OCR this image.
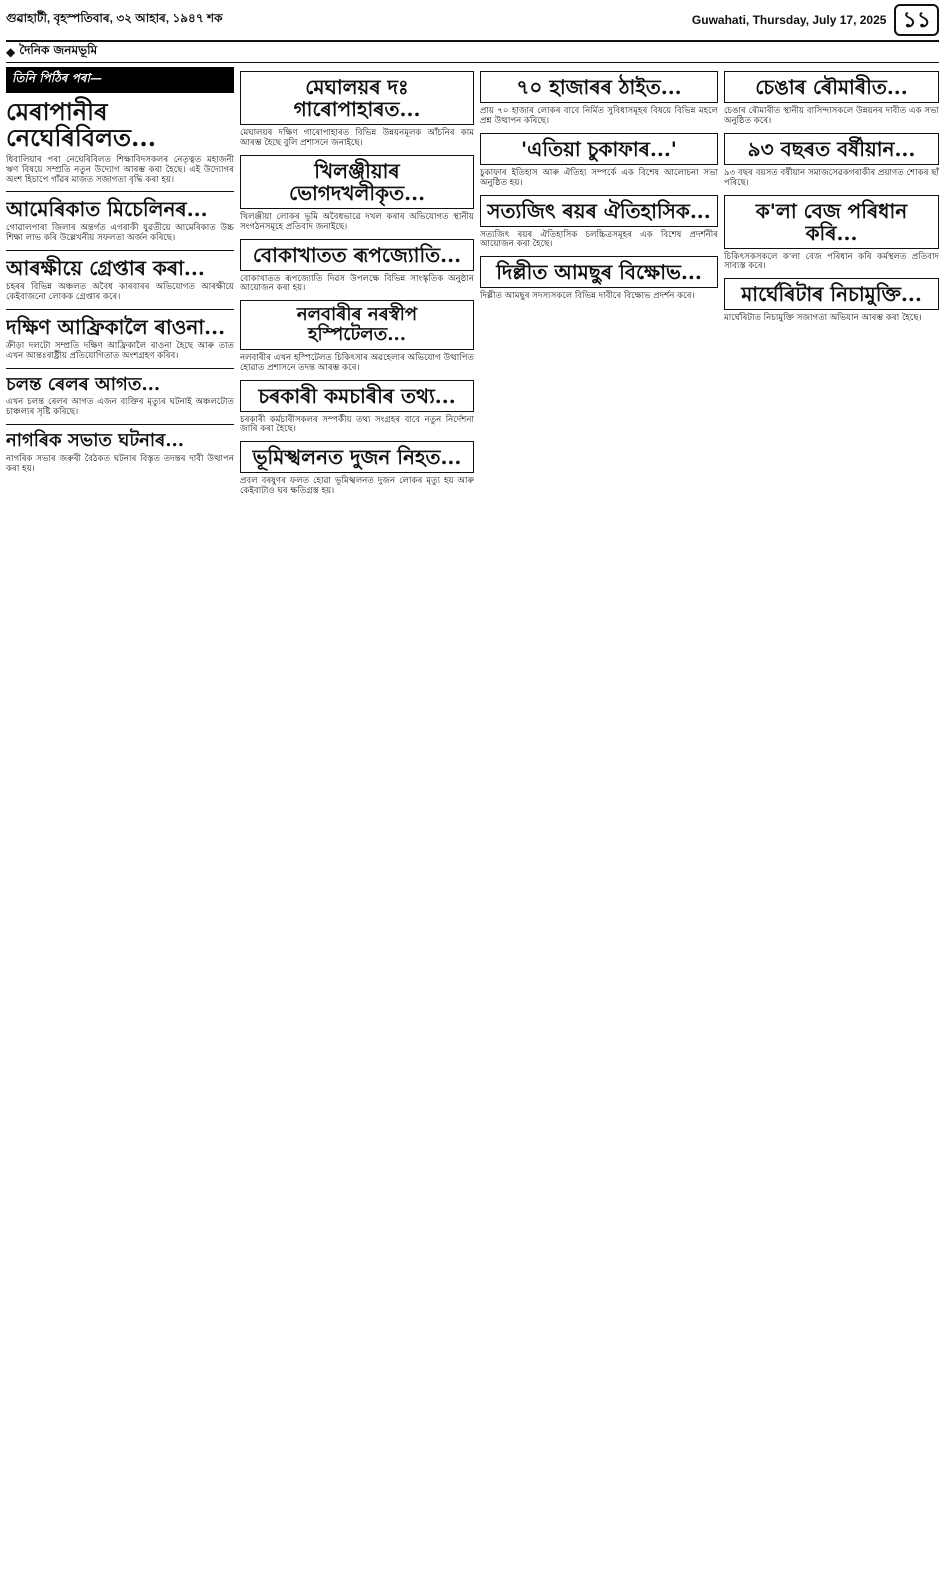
গুৱাহাটী, বৃহস্পতিবাৰ, ৩২ আহাৰ, ১৯৪৭ শক	Guwahati, Thursday, July 17, 2025 ১১
◆ দৈনিক জনমভূমি
তিনি পিঠিৰ পৰা—
মেৰাপানীৰ নেঘেৰিবিলত...

ধিবালিয়াৰ পৰা নেঘেৰিবিলত শিক্ষাবিদসকলৰ নেতৃত্বত মহাজনী ঋণ বিষয়ে সম্প্ৰতি নতুন উদ্যোগ আৰম্ভ কৰা হৈছে। এই উদ্যোগৰ অংশ হিচাপে গাঁৱৰ মাজত সজাগতা বৃদ্ধি কৰা হয়।

আমেৰিকাত মিচেলিনৰ...

গোৱালপাৰা জিলাৰ অন্তৰ্গত এগৰাকী যুৱতীয়ে আমেৰিকাত উচ্চ শিক্ষা লাভ কৰি উল্লেখনীয় সফলতা অৰ্জন কৰিছে।

আৰক্ষীয়ে গ্ৰেপ্তাৰ কৰা...

চহৰৰ বিভিন্ন অঞ্চলত অবৈধ কাৰবাৰৰ অভিযোগত আৰক্ষীয়ে কেইবাজনো লোকক গ্ৰেপ্তাৰ কৰে।

দক্ষিণ আফ্ৰিকালৈ ৰাওনা...

ক্ৰীড়া দলটো সম্প্ৰতি দক্ষিণ আফ্ৰিকালৈ ৰাওনা হৈছে আৰু তাত এখন আন্তঃৰাষ্ট্ৰীয় প্ৰতিযোগিতাত অংশগ্ৰহণ কৰিব।

চলন্ত ৰেলৰ আগত...

এখন চলন্ত ৰেলৰ আগত এজন ব্যক্তিৰ মৃত্যুৰ ঘটনাই অঞ্চলটোত চাঞ্চল্যৰ সৃষ্টি কৰিছে।

নাগৰিক সভাত ঘটনাৰ...

নাগৰিক সভাৰ জৰুৰী বৈঠকত ঘটনাৰ বিস্তৃত তদন্তৰ দাবী উত্থাপন কৰা হয়।

মেঘালয়ৰ দঃ গাৰোপাহাৰত...

মেঘালয়ৰ দক্ষিণ গাৰোপাহাৰত বিভিন্ন উন্নয়নমূলক আঁচনিৰ কাম আৰম্ভ হৈছে বুলি প্ৰশাসনে জনাইছে।

খিলঞ্জীয়াৰ ভোগদখলীকৃত...

খিলঞ্জীয়া লোকৰ ভূমি অবৈধভাৱে দখল কৰাৰ অভিযোগত স্থানীয় সংগঠনসমূহে প্ৰতিবাদ জনাইছে।

বোকাখাতত ৰূপজ্যোতি...

বোকাখাতত ৰূপজ্যোতি দিৱস উপলক্ষে বিভিন্ন সাংস্কৃতিক অনুষ্ঠান আয়োজন কৰা হয়।

নলবাৰীৰ নৰস্বীপ হস্পিটেলত...

নলবাৰীৰ এখন হস্পিটেলত চিকিৎসাৰ অৱহেলাৰ অভিযোগ উত্থাপিত হোৱাত প্ৰশাসনে তদন্ত আৰম্ভ কৰে।

চৰকাৰী কমচাৰীৰ তথ্য...

চৰকাৰী কৰ্মচাৰীসকলৰ সম্পৰ্কীয় তথ্য সংগ্ৰহৰ বাবে নতুন নিৰ্দেশনা জাৰি কৰা হৈছে।

ভূমিস্খলনত দুজন নিহত...

প্ৰবল বৰষুণৰ ফলত হোৱা ভূমিস্খলনত দুজন লোকৰ মৃত্যু হয় আৰু কেইবাটাও ঘৰ ক্ষতিগ্ৰস্ত হয়।

৭০ হাজাৰৰ ঠাইত...

প্ৰায় ৭০ হাজাৰ লোকৰ বাবে নিৰ্মিত সুবিধাসমূহৰ বিষয়ে বিভিন্ন মহলে প্ৰশ্ন উত্থাপন কৰিছে।

'এতিয়া চুকাফাৰ...'

চুকাফাৰ ইতিহাস আৰু ঐতিহ্য সম্পৰ্কে এক বিশেষ আলোচনা সভা অনুষ্ঠিত হয়।

সত্যজিৎ ৰয়ৰ ঐতিহাসিক...

সত্যজিৎ ৰয়ৰ ঐতিহাসিক চলচ্চিত্ৰসমূহৰ এক বিশেষ প্ৰদৰ্শনীৰ আয়োজন কৰা হৈছে।

দিল্লীত আমছুৰ বিক্ষোভ...

দিল্লীত আমছুৰ সদস্যসকলে বিভিন্ন দাবীৰে বিক্ষোভ প্ৰদৰ্শন কৰে।

চেঙাৰ ৰৌমাৰীত...

চেঙাৰ ৰৌমাৰীত স্থানীয় বাসিন্দাসকলে উন্নয়নৰ দাবীত এক সভা অনুষ্ঠিত কৰে।

৯৩ বছৰত বৰ্ষীয়ান...

৯৩ বছৰ বয়সত বৰ্ষীয়ান সমাজসেৱকগৰাকীৰ প্ৰয়াণত শোকৰ ছাঁ পৰিছে।

ক'লা বেজ পৰিধান কৰি...

চিকিৎসকসকলে ক'লা বেজ পৰিধান কৰি কৰ্মস্থলত প্ৰতিবাদ সাব্যস্ত কৰে।

মাৰ্ঘেৰিটাৰ নিচামুক্তি...

মাৰ্ঘেৰিটাত নিচামুক্তি সজাগতা অভিযান আৰম্ভ কৰা হৈছে।
